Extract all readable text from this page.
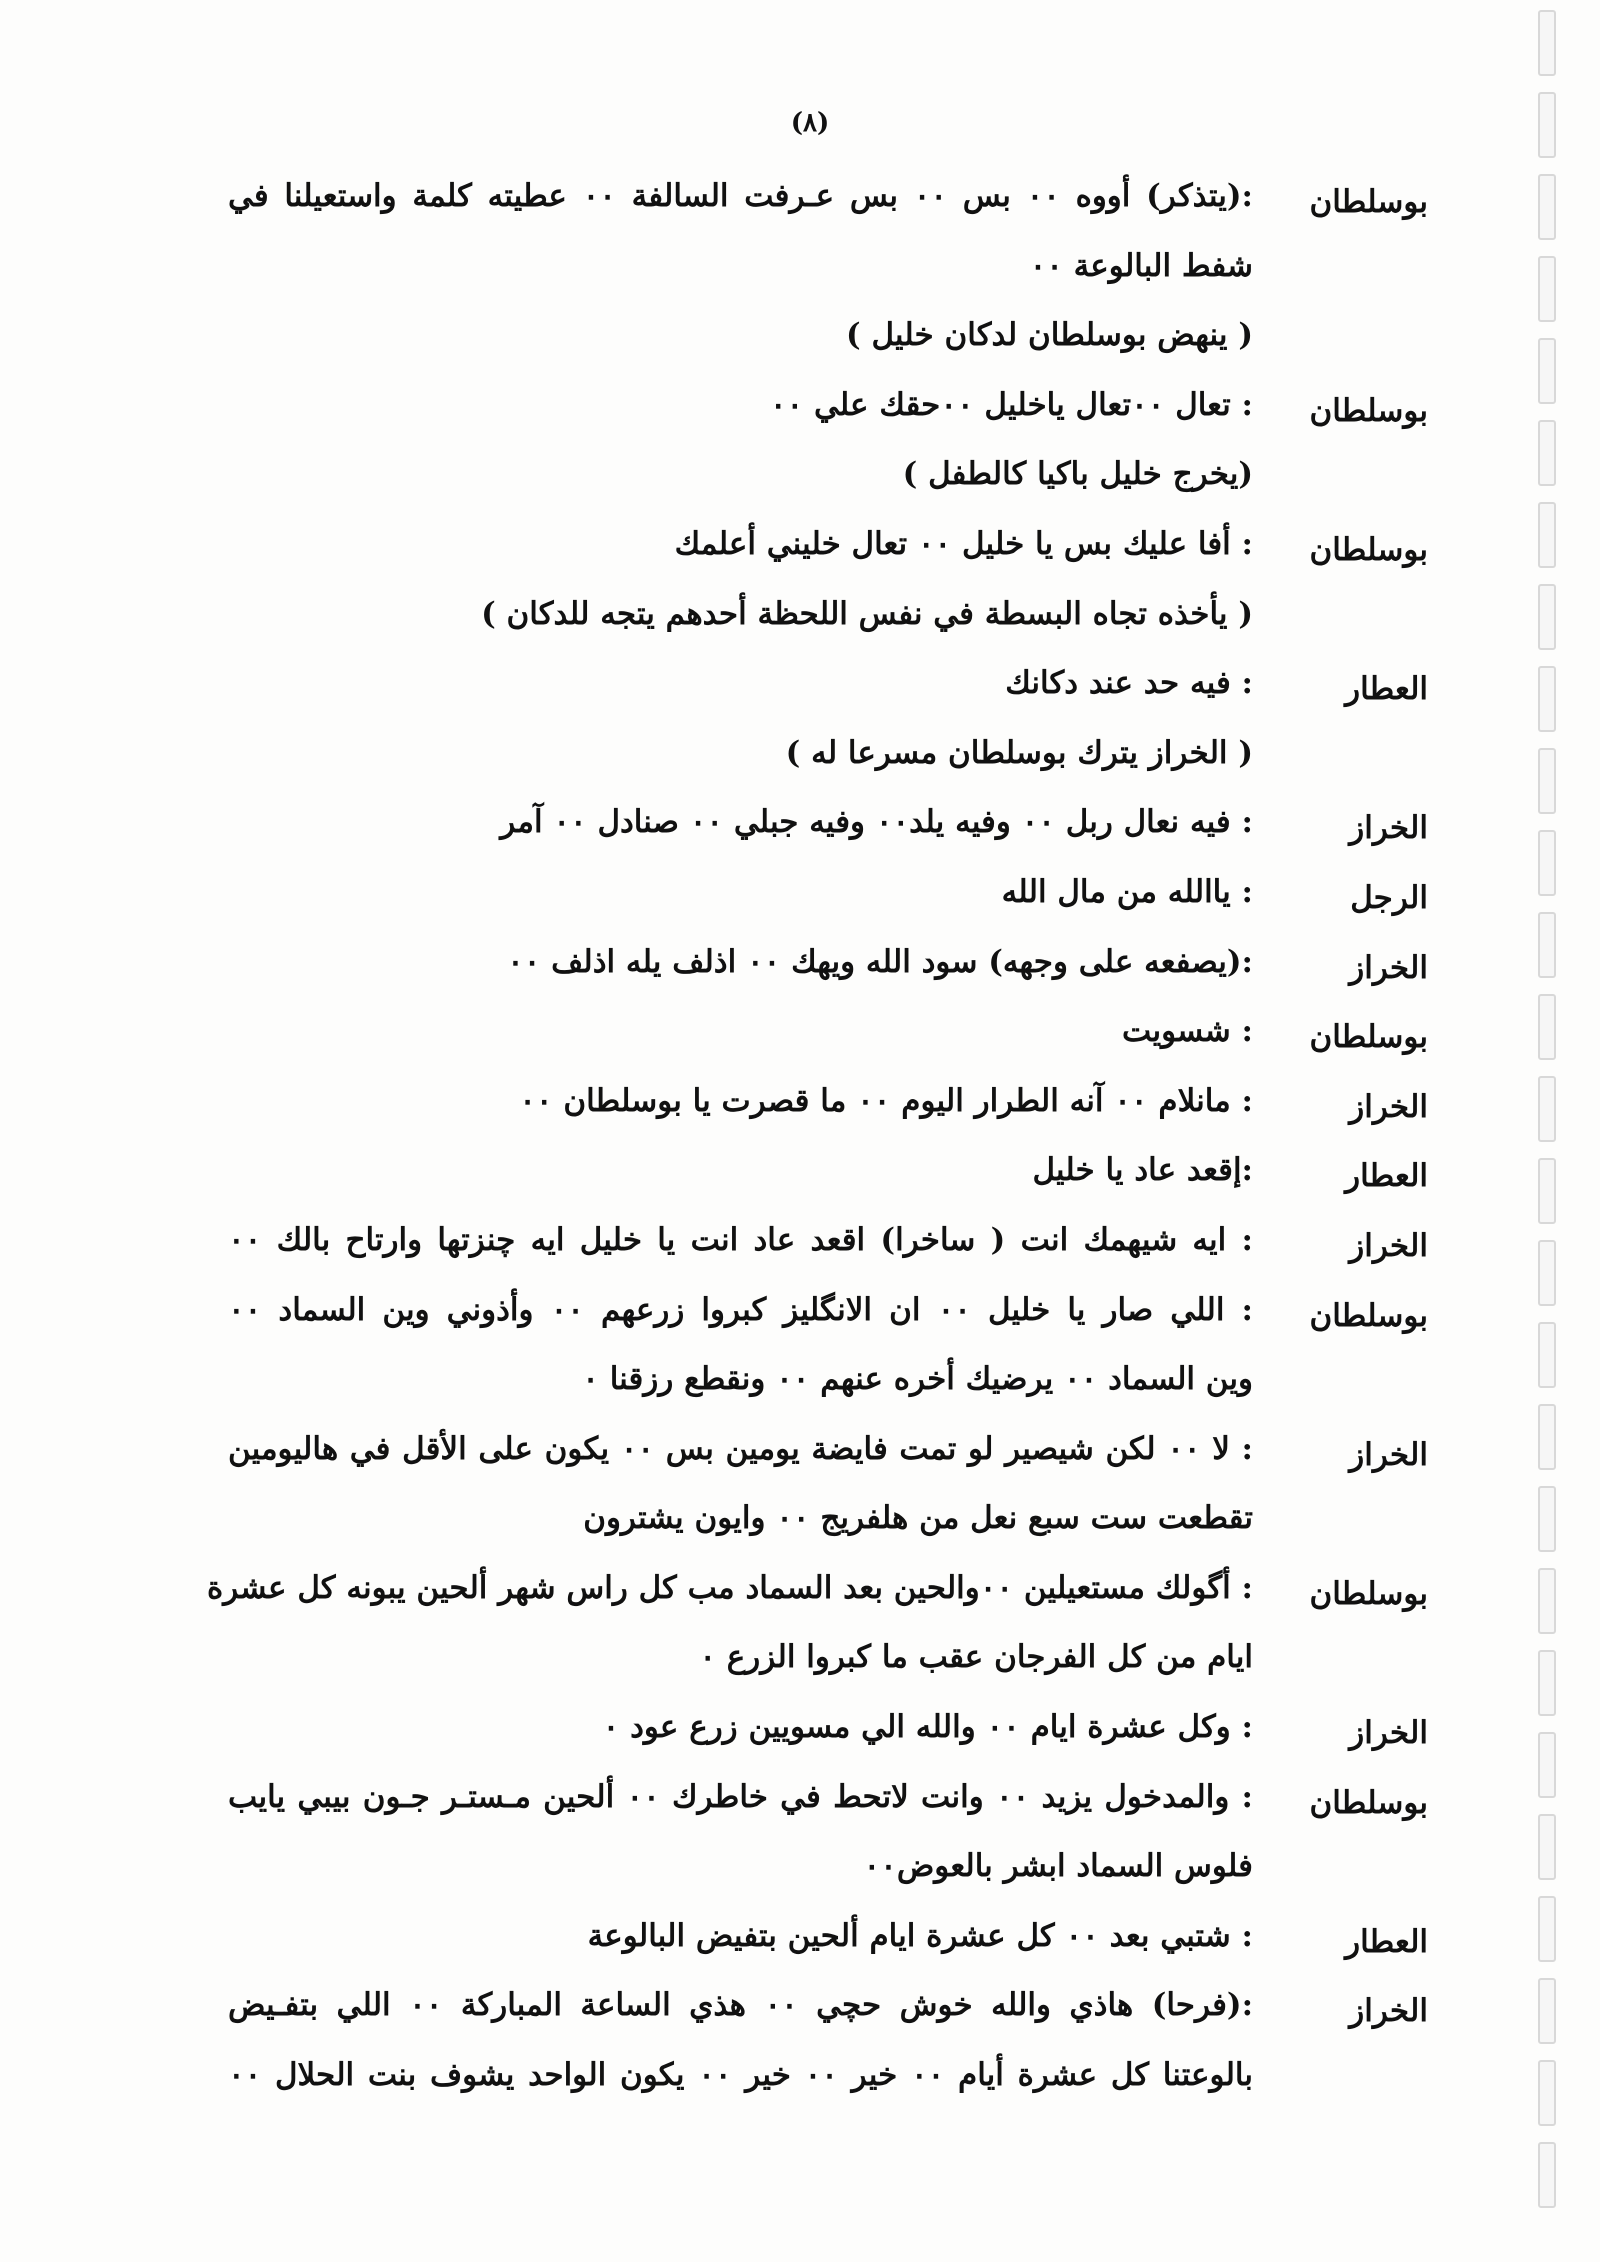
(٨)
بوسلطان
:(يتذكر) أووه ٠٠ بس ٠٠ بس عـرفت السالفة ٠٠ عطيته كلمة واستعيلنا في
شفط البالوعة ٠٠
( ينهض بوسلطان لدكان خليل )
بوسلطان
: تعال ٠٠تعال ياخليل ٠٠حقك علي ٠٠
(يخرج خليل باكيا كالطفل )
بوسلطان
: أفا عليك بس يا خليل ٠٠ تعال خليني أعلمك
( يأخذه تجاه البسطة في نفس اللحظة أحدهم يتجه للدكان )
العطار
: فيه حد عند دكانك
( الخراز يترك بوسلطان مسرعا له )
الخراز
: فيه نعال ربل ٠٠ وفيه يلد٠٠ وفيه جبلي ٠٠ صنادل ٠٠ آمر
الرجل
: ياالله من مال الله
الخراز
:(يصفعه على وجهه) سود الله ويهك ٠٠ اذلف يله اذلف ٠٠
بوسلطان
: شسويت
الخراز
: مانلام ٠٠ آنه الطرار اليوم ٠٠ ما قصرت يا بوسلطان ٠٠
العطار
:إقعد عاد يا خليل
الخراز
: ايه شيهمك انت ( ساخرا) اقعد عاد انت يا خليل ايه چنزتها وارتاح بالك ٠٠
بوسلطان
: اللي صار يا خليل ٠٠ ان الانگليز كبروا زرعهم ٠٠ وأذوني وين السماد ٠٠
وين السماد ٠٠ يرضيك أخره عنهم ٠٠ ونقطع رزقنا ٠
الخراز
: لا ٠٠ لكن شيصير لو تمت فايضة يومين بس ٠٠ يكون على الأقل في هاليومين
تقطعت ست سبع نعل من هلفريج ٠٠ وايون يشترون
بوسلطان
: أگولك مستعيلين ٠٠والحين بعد السماد مب كل راس شهر ألحين يبونه كل عشرة
ايام من كل الفرجان عقب ما كبروا الزرع ٠
الخراز
: وكل عشرة ايام ٠٠ والله الي مسويين زرع عود ٠
بوسلطان
: والمدخول يزيد ٠٠ وانت لاتحط في خاطرك ٠٠ ألحين مـستـر جـون بيبي يايب
فلوس السماد ابشر بالعوض٠٠
العطار
: شتبي بعد ٠٠ كل عشرة ايام ألحين بتفيض البالوعة
الخراز
:(فرحا) هاذي والله خوش حچي ٠٠ هذي الساعة المباركة ٠٠ اللي بتفـيض
بالوعتنا كل عشرة أيام ٠٠ خير ٠٠ خير ٠٠ يكون الواحد يشوف بنت الحلال ٠٠
